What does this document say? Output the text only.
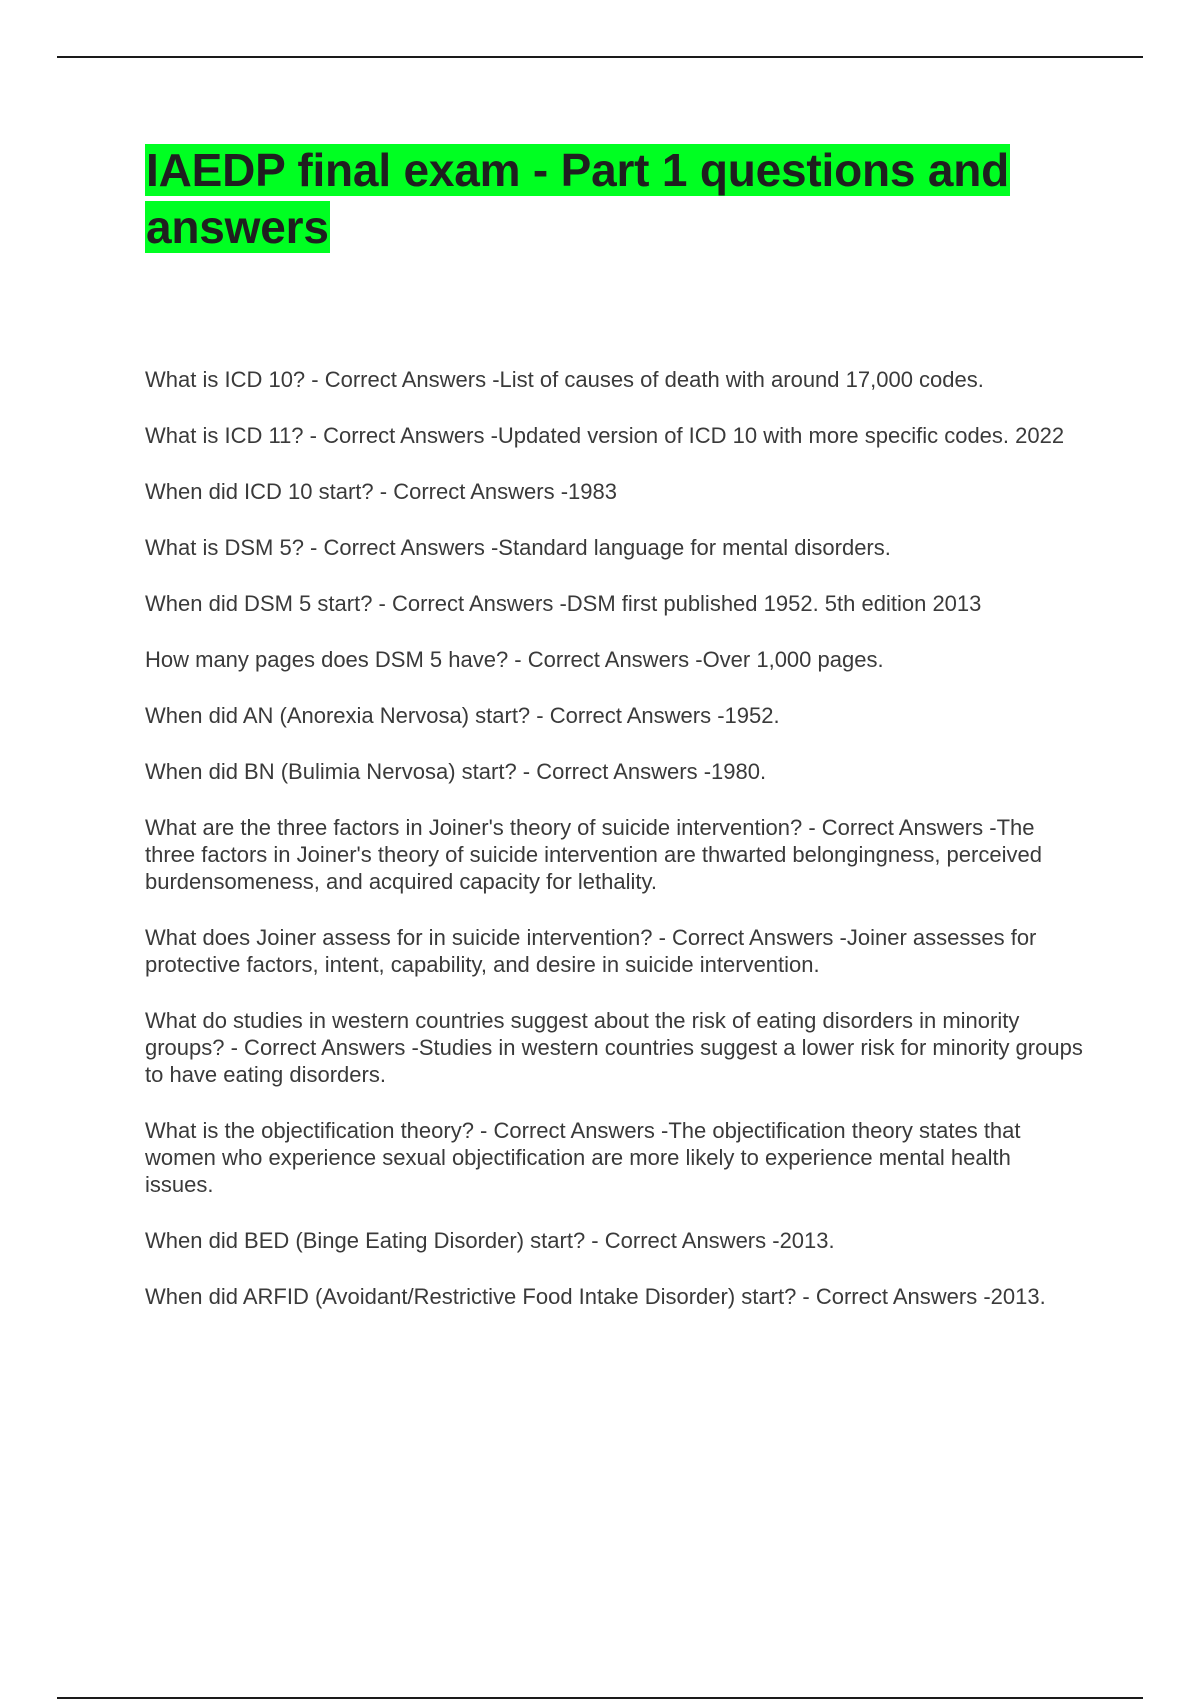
IAEDP final exam - Part 1 questions and answers

What is ICD 10? - Correct Answers -List of causes of death with around 17,000 codes.

What is ICD 11? - Correct Answers -Updated version of ICD 10 with more specific codes. 2022

When did ICD 10 start? - Correct Answers -1983

What is DSM 5? - Correct Answers -Standard language for mental disorders.

When did DSM 5 start? - Correct Answers -DSM first published 1952. 5th edition 2013

How many pages does DSM 5 have? - Correct Answers -Over 1,000 pages.

When did AN (Anorexia Nervosa) start? - Correct Answers -1952.

When did BN (Bulimia Nervosa) start? - Correct Answers -1980.

What are the three factors in Joiner's theory of suicide intervention? - Correct Answers -The three factors in Joiner's theory of suicide intervention are thwarted belongingness, perceived burdensomeness, and acquired capacity for lethality.

What does Joiner assess for in suicide intervention? - Correct Answers -Joiner assesses for protective factors, intent, capability, and desire in suicide intervention.

What do studies in western countries suggest about the risk of eating disorders in minority groups? - Correct Answers -Studies in western countries suggest a lower risk for minority groups to have eating disorders.

What is the objectification theory? - Correct Answers -The objectification theory states that women who experience sexual objectification are more likely to experience mental health issues.

When did BED (Binge Eating Disorder) start? - Correct Answers -2013.

When did ARFID (Avoidant/Restrictive Food Intake Disorder) start? - Correct Answers -2013.
